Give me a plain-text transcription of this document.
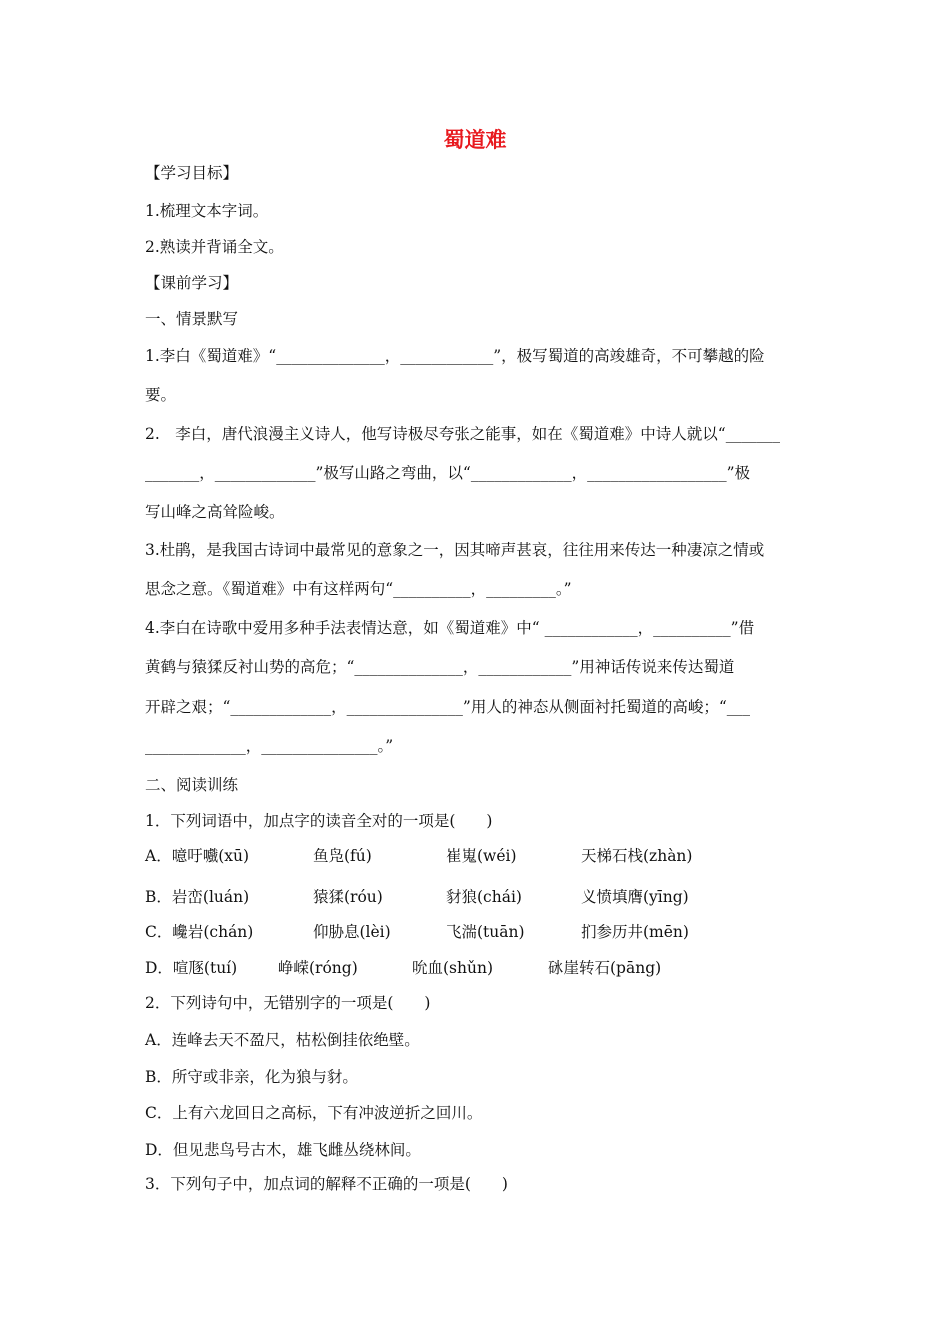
蜀道难
【学习目标】
1.梳理文本字词。
2.熟读并背诵全文。
【课前学习】
一、情景默写
1.李白《蜀道难》“______________，____________”，极写蜀道的高竣雄奇，不可攀越的险
要。
2.　李白，唐代浪漫主义诗人，他写诗极尽夸张之能事，如在《蜀道难》中诗人就以“_______
_______，_____________”极写山路之弯曲，以“_____________，__________________”极
写山峰之高耸险峻。
3.杜鹃，是我国古诗词中最常见的意象之一，因其啼声甚哀，往往用来传达一种凄凉之情或
思念之意。《蜀道难》中有这样两句“__________，_________。”
4.李白在诗歌中爱用多种手法表情达意，如《蜀道难》中“ ____________，__________”借
黄鹤与猿猱反衬山势的高危；“______________，____________”用神话传说来传达蜀道
开辟之艰；“_____________，_______________”用人的神态从侧面衬托蜀道的高峻；“___
_____________，_______________。”
二、阅读训练
1．下列词语中，加点字的读音全对的一项是(　　)
A．噫吁嚱(xū)	鱼凫(fú)	崔嵬(wéi)	天梯石栈(zhàn)
B．岩峦(luán)	猿猱(róu)	豺狼(chái)	义愤填膺(yīng)
C．巉岩(chán)	仰胁息(lèi)	飞湍(tuān)	扪参历井(mēn)
D．喧豗(tuí)	峥嵘(róng)	吮血(shǔn)	砯崖转石(pāng)
2．下列诗句中，无错别字的一项是(　　)
A．连峰去天不盈尺，枯松倒挂依绝壁。
B．所守或非亲，化为狼与豺。
C．上有六龙回日之高标，下有冲波逆折之回川。
D．但见悲鸟号古木，雄飞雌丛绕林间。
3．下列句子中，加点词的解释不正确的一项是(　　)
